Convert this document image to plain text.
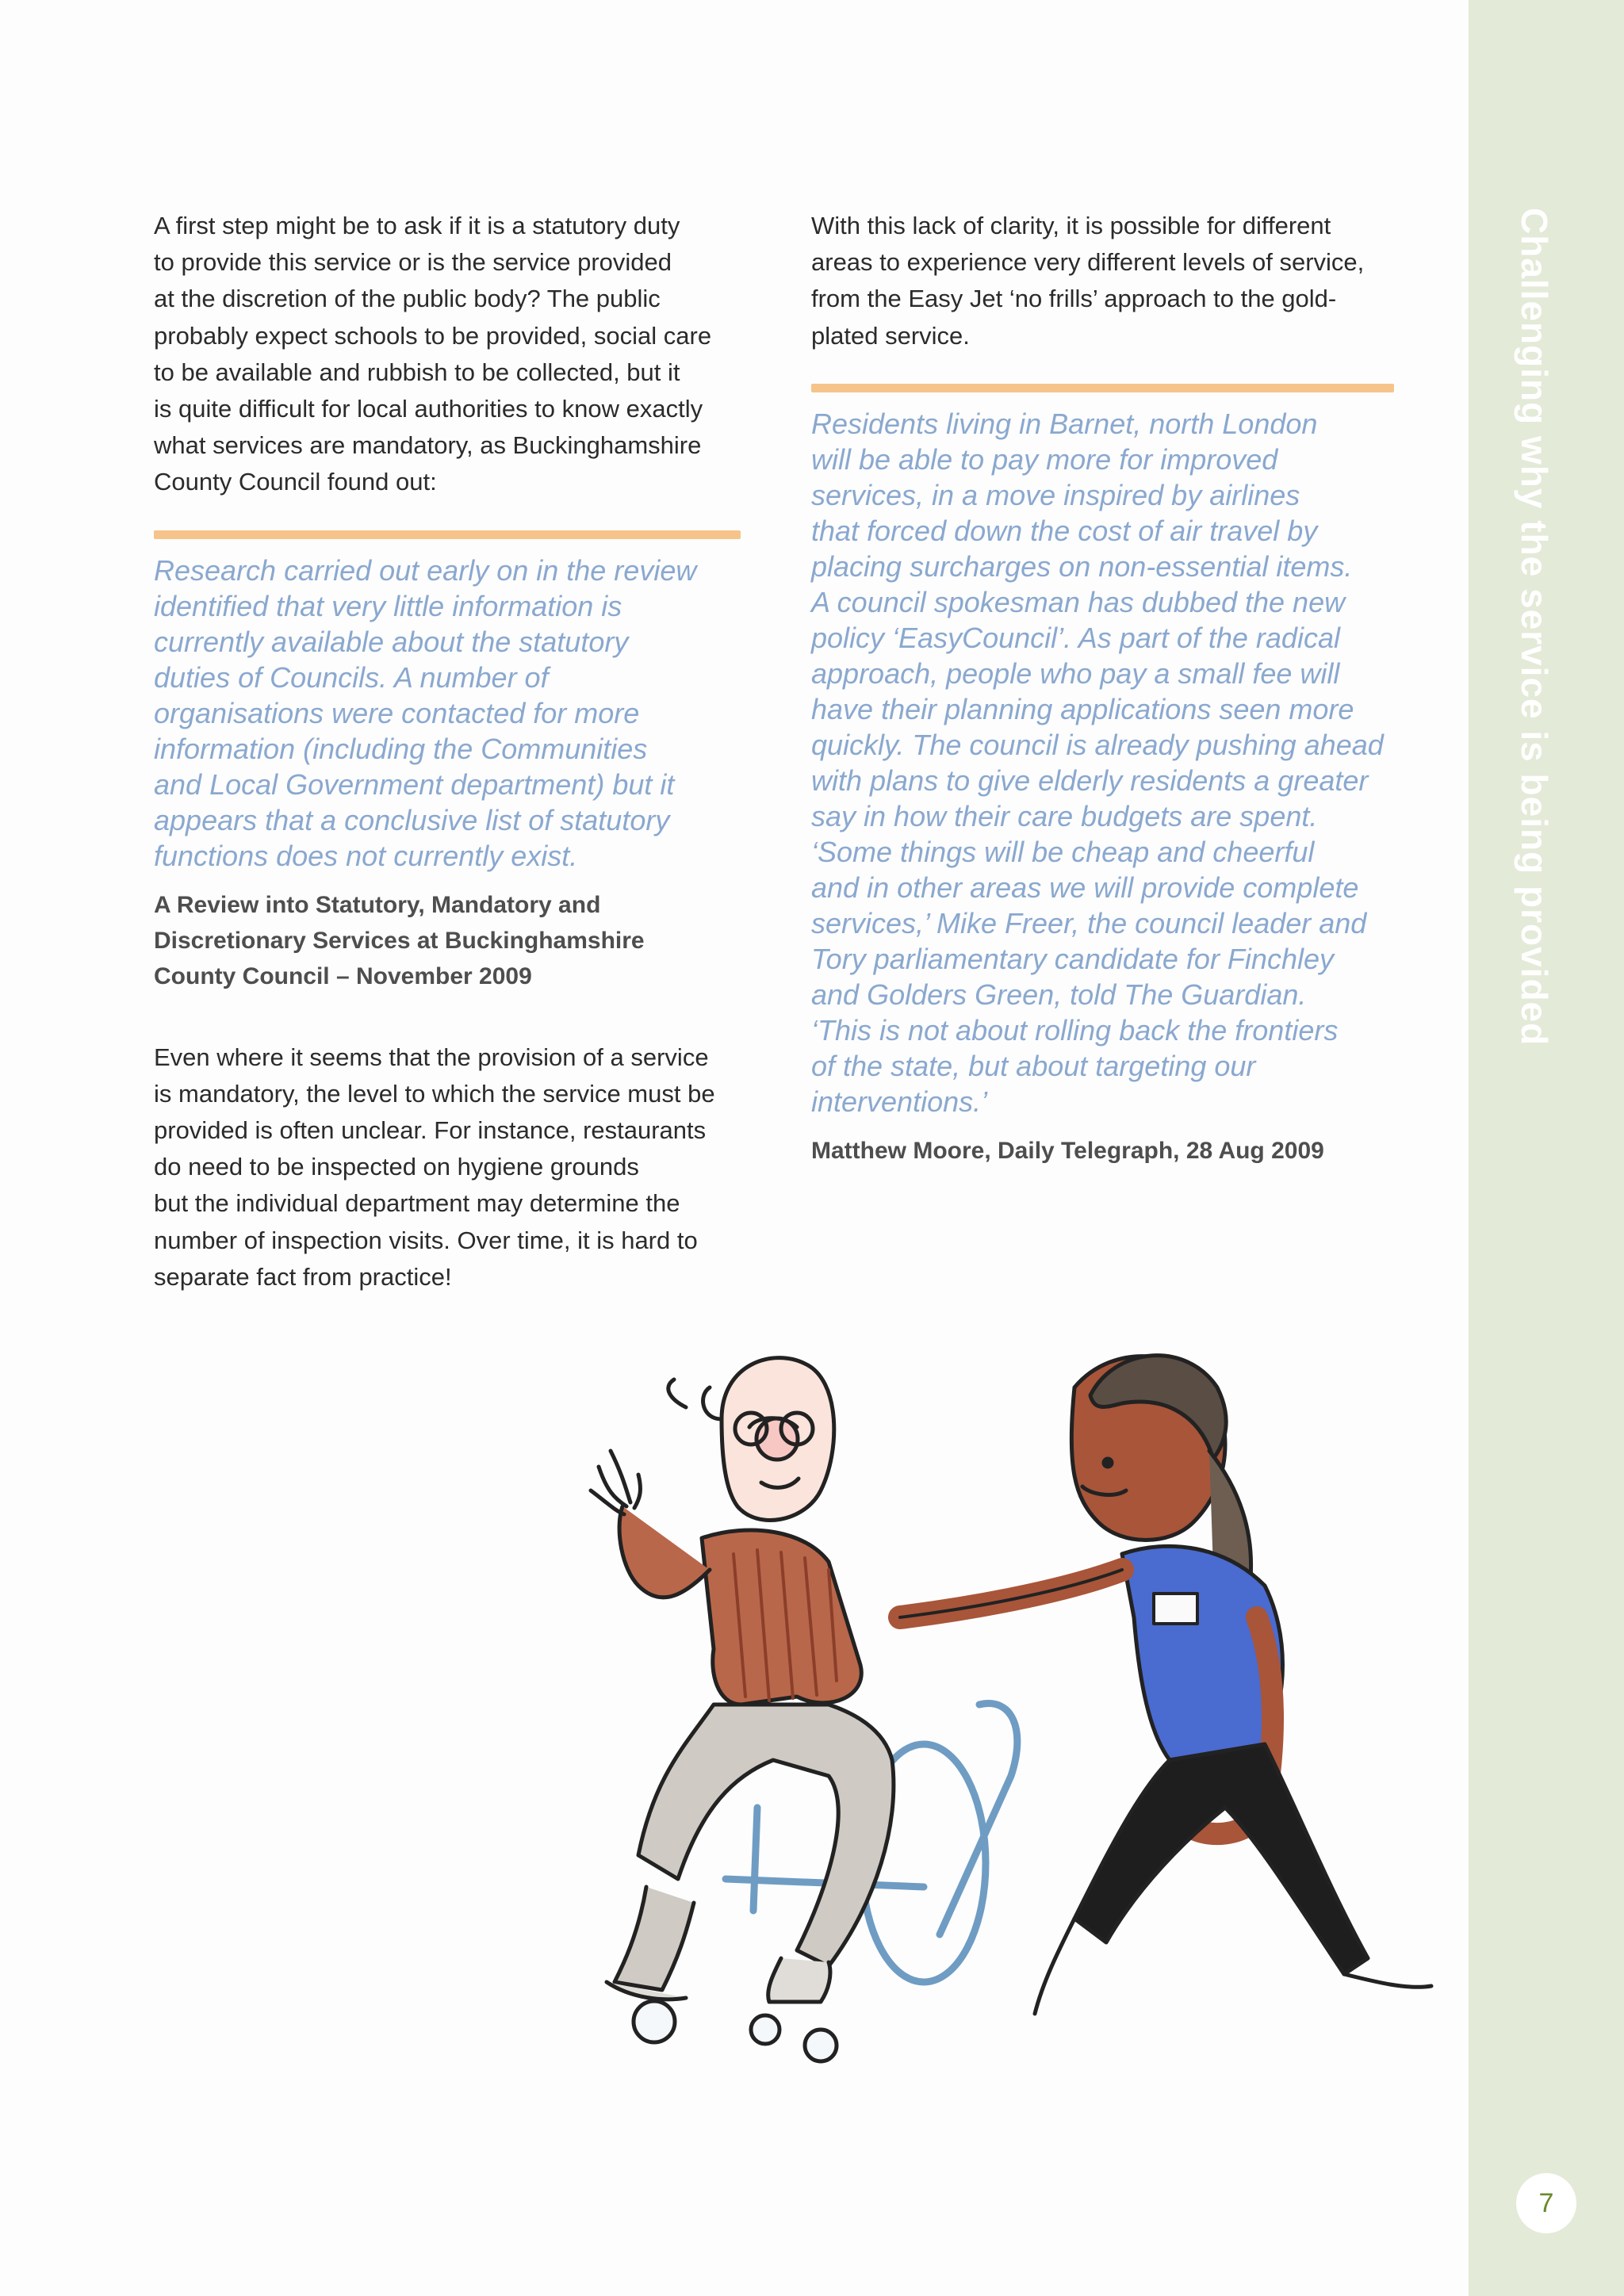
Challenging why the service is being provided
7
A first step might be to ask if it is a statutory duty
to provide this service or is the service provided
at the discretion of the public body? The public
probably expect schools to be provided, social care
to be available and rubbish to be collected, but it
is quite difficult for local authorities to know exactly
what services are mandatory, as Buckinghamshire
County Council found out:
Research carried out early on in the review
identified that very little information is
currently available about the statutory
duties of Councils. A number of
organisations were contacted for more
information (including the Communities
and Local Government department) but it
appears that a conclusive list of statutory
functions does not currently exist.
A Review into Statutory, Mandatory and
Discretionary Services at Buckinghamshire
County Council – November 2009
Even where it seems that the provision of a service
is mandatory, the level to which the service must be
provided is often unclear. For instance, restaurants
do need to be inspected on hygiene grounds
but the individual department may determine the
number of inspection visits. Over time, it is hard to
separate fact from practice!
With this lack of clarity, it is possible for different
areas to experience very different levels of service,
from the Easy Jet ‘no frills’ approach to the gold-
plated service.
Residents living in Barnet, north London
will be able to pay more for improved
services, in a move inspired by airlines
that forced down the cost of air travel by
placing surcharges on non-essential items.
A council spokesman has dubbed the new
policy ‘EasyCouncil’. As part of the radical
approach, people who pay a small fee will
have their planning applications seen more
quickly. The council is already pushing ahead
with plans to give elderly residents a greater
say in how their care budgets are spent.
‘Some things will be cheap and cheerful
and in other areas we will provide complete
services,’ Mike Freer, the council leader and
Tory parliamentary candidate for Finchley
and Golders Green, told The Guardian.
‘This is not about rolling back the frontiers
of the state, but about targeting our
interventions.’
Matthew Moore, Daily Telegraph, 28 Aug 2009
